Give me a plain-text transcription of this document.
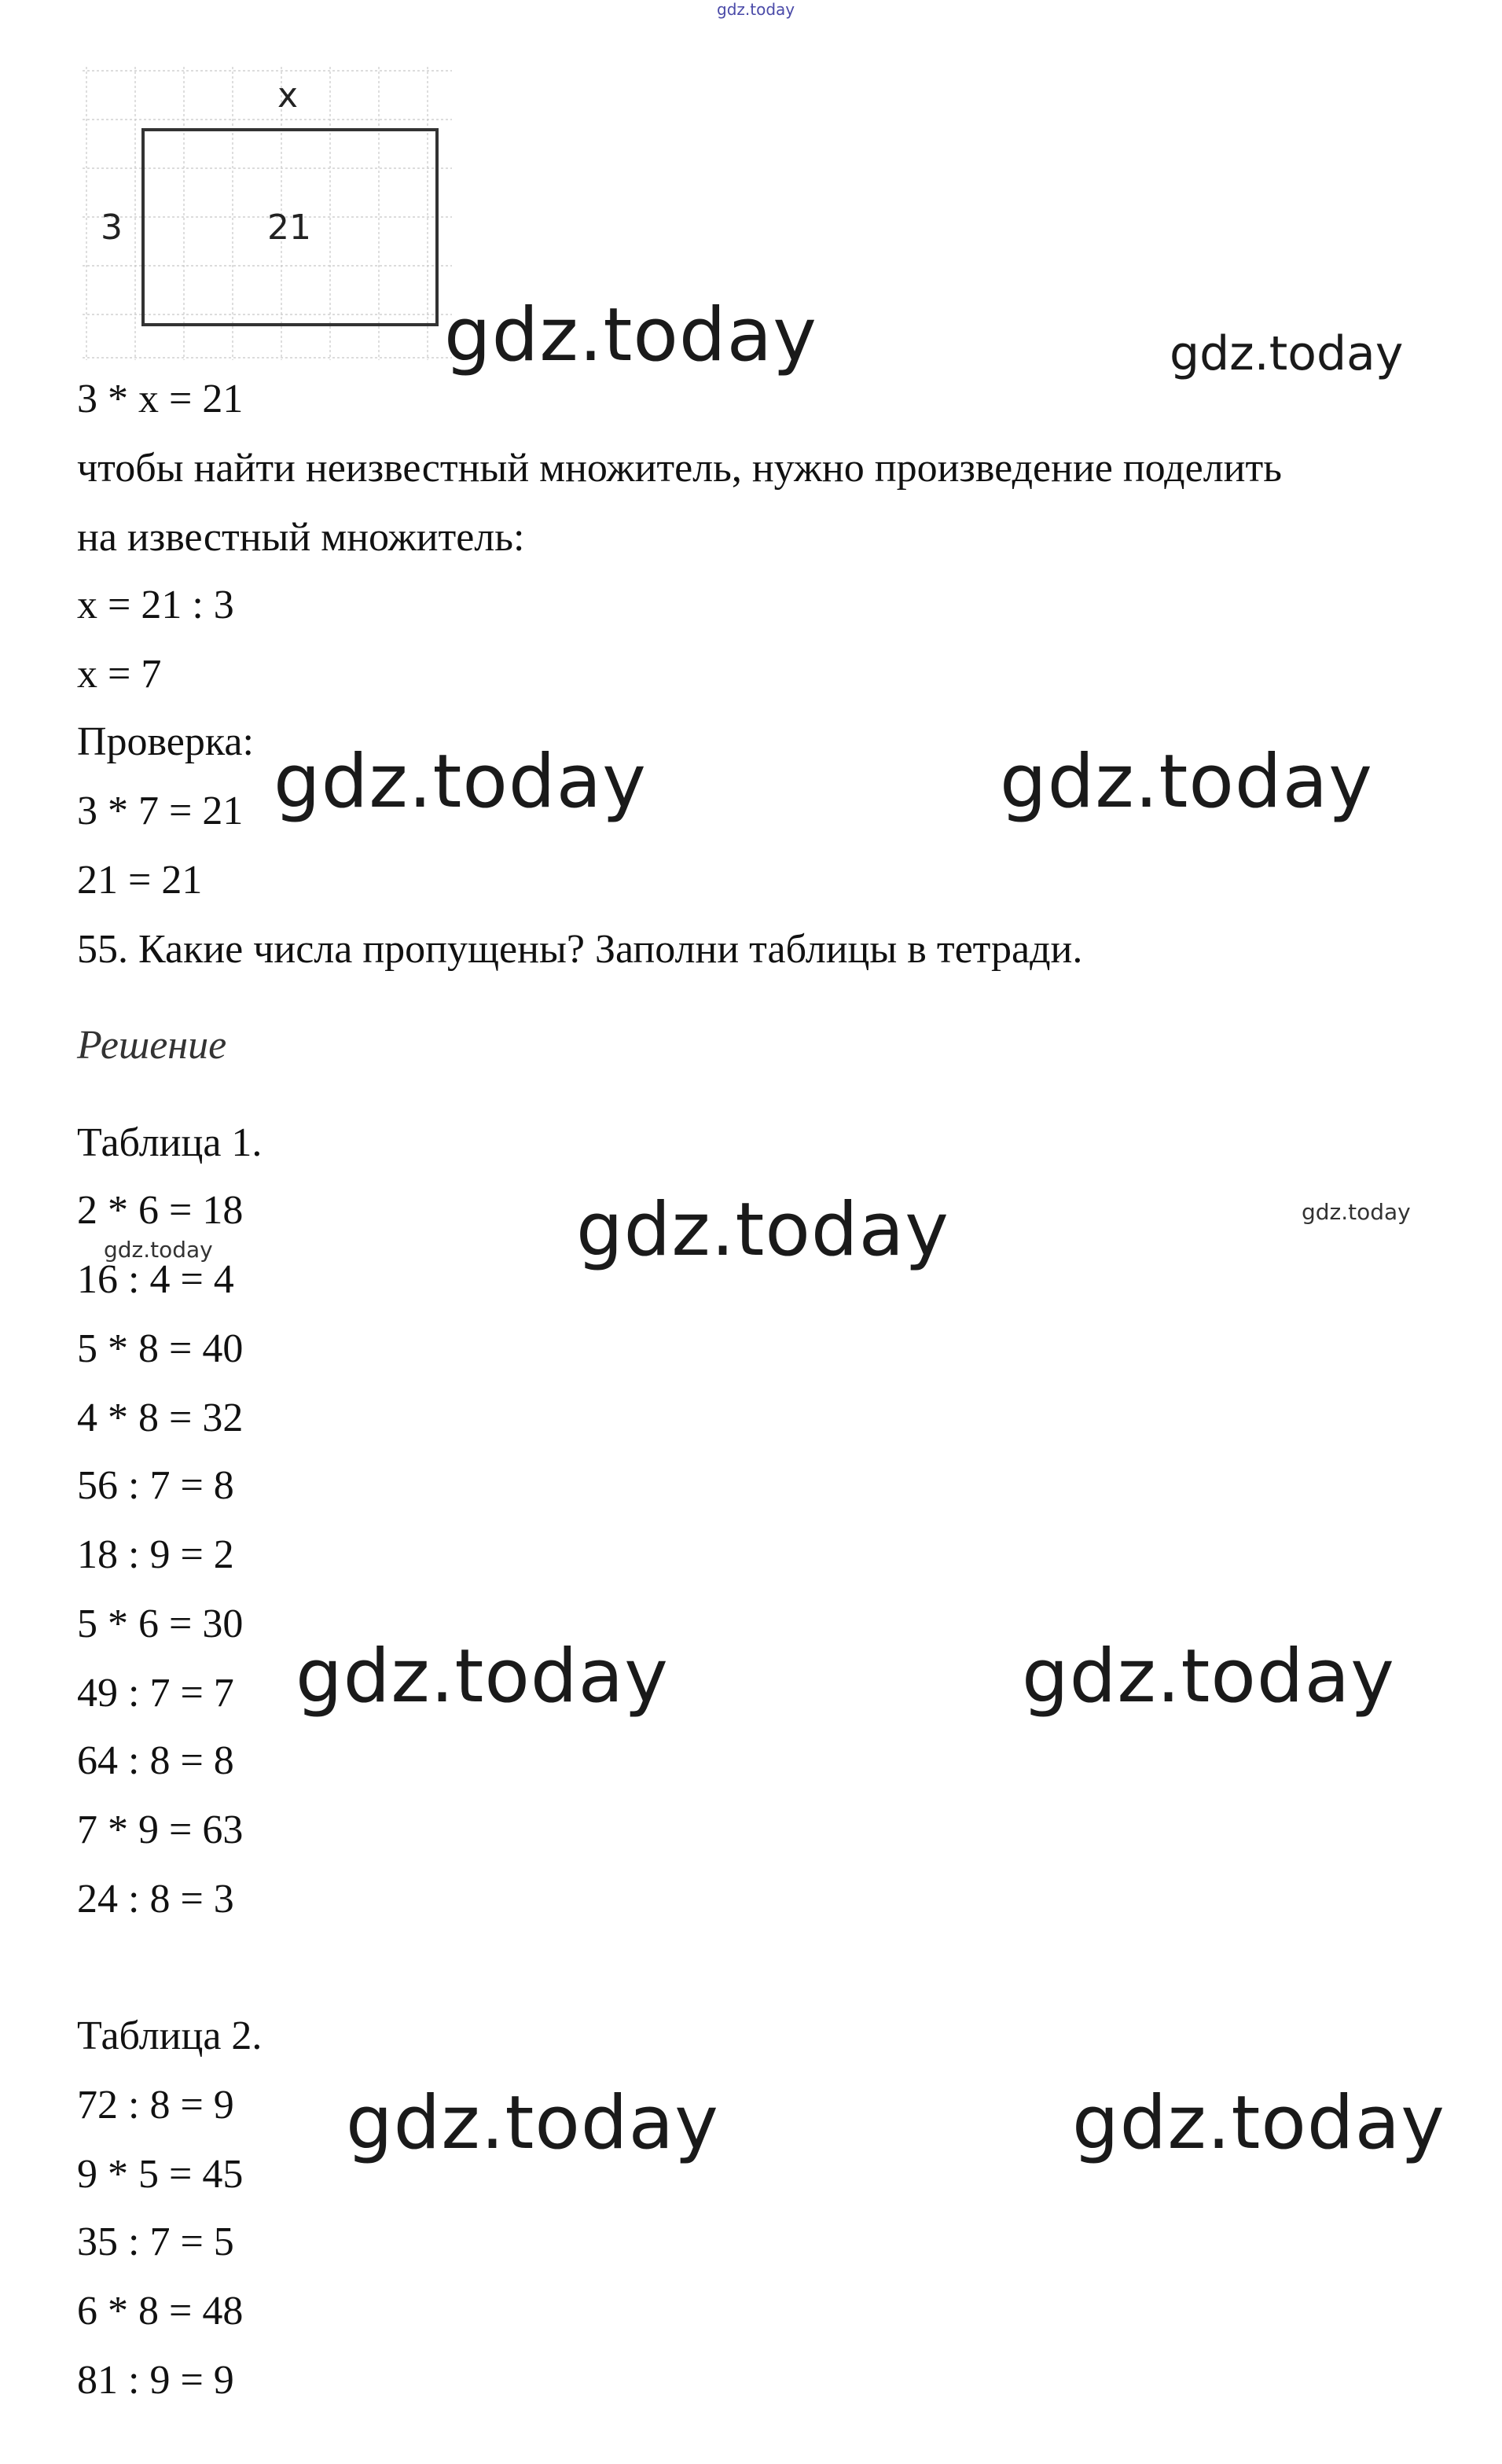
gdz.today
x
3	21
3 * x = 21
чтобы найти неизвестный множитель, нужно произведение поделить
на известный множитель:
x = 21 : 3
x = 7
Проверка:
3 * 7 = 21
21 = 21
55. Какие числа пропущены? Заполни таблицы в тетради.
Решение
Таблица 1.
2 * 6 = 18
16 : 4 = 4
5 * 8 = 40
4 * 8 = 32
56 : 7 = 8
18 : 9 = 2
5 * 6 = 30
49 : 7 = 7
64 : 8 = 8
7 * 9 = 63
24 : 8 = 3
Таблица 2.
72 : 8 = 9
9 * 5 = 45
35 : 7 = 5
6 * 8 = 48
81 : 9 = 9
gdz.today	gdz.today
gdz.today	gdz.today
gdz.today	gdz.today
gdz.today
gdz.today	gdz.today
gdz.today	gdz.today
